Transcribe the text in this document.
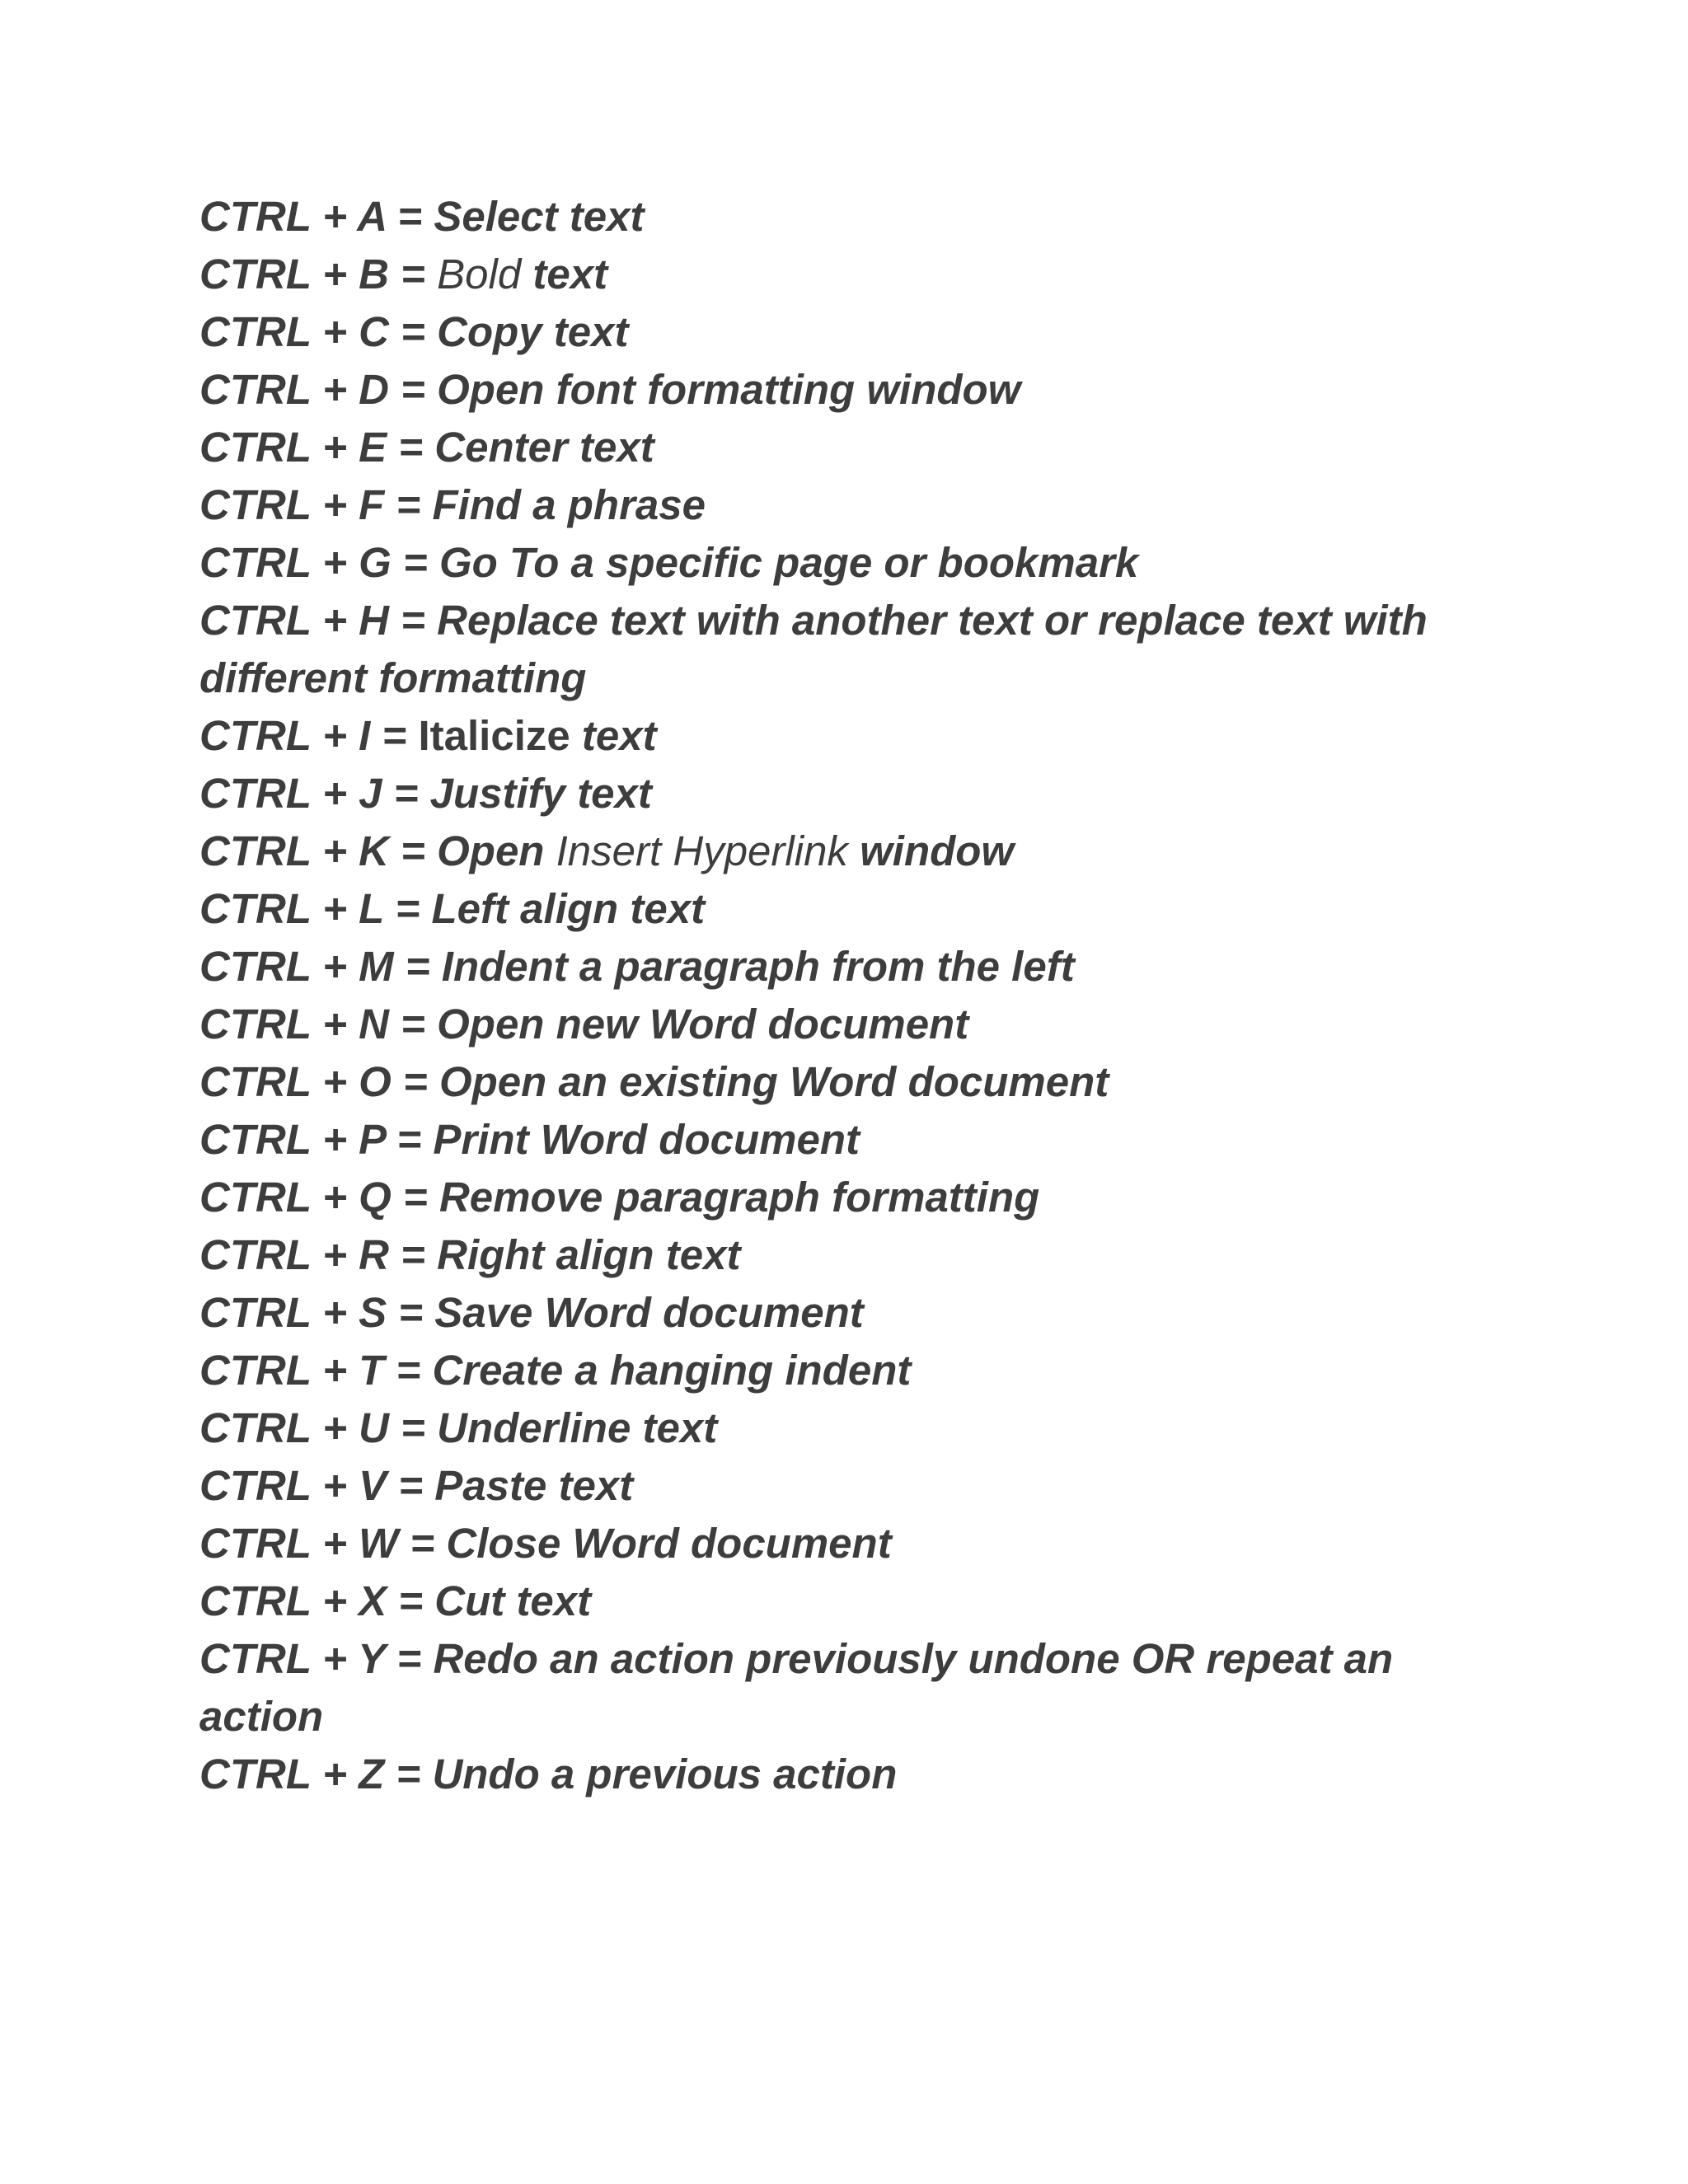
CTRL + A = Select text
CTRL + B = Bold text
CTRL + C = Copy text
CTRL + D = Open font formatting window
CTRL + E = Center text
CTRL + F = Find a phrase
CTRL + G = Go To a specific page or bookmark
CTRL + H = Replace text with another text or replace text with different formatting
CTRL + I = Italicize text
CTRL + J = Justify text
CTRL + K = Open Insert Hyperlink window
CTRL + L = Left align text
CTRL + M = Indent a paragraph from the left
CTRL + N = Open new Word document
CTRL + O = Open an existing Word document
CTRL + P = Print Word document
CTRL + Q = Remove paragraph formatting
CTRL + R = Right align text
CTRL + S = Save Word document
CTRL + T = Create a hanging indent
CTRL + U = Underline text
CTRL + V = Paste text
CTRL + W = Close Word document
CTRL + X = Cut text
CTRL + Y = Redo an action previously undone OR repeat an action
CTRL + Z = Undo a previous action
